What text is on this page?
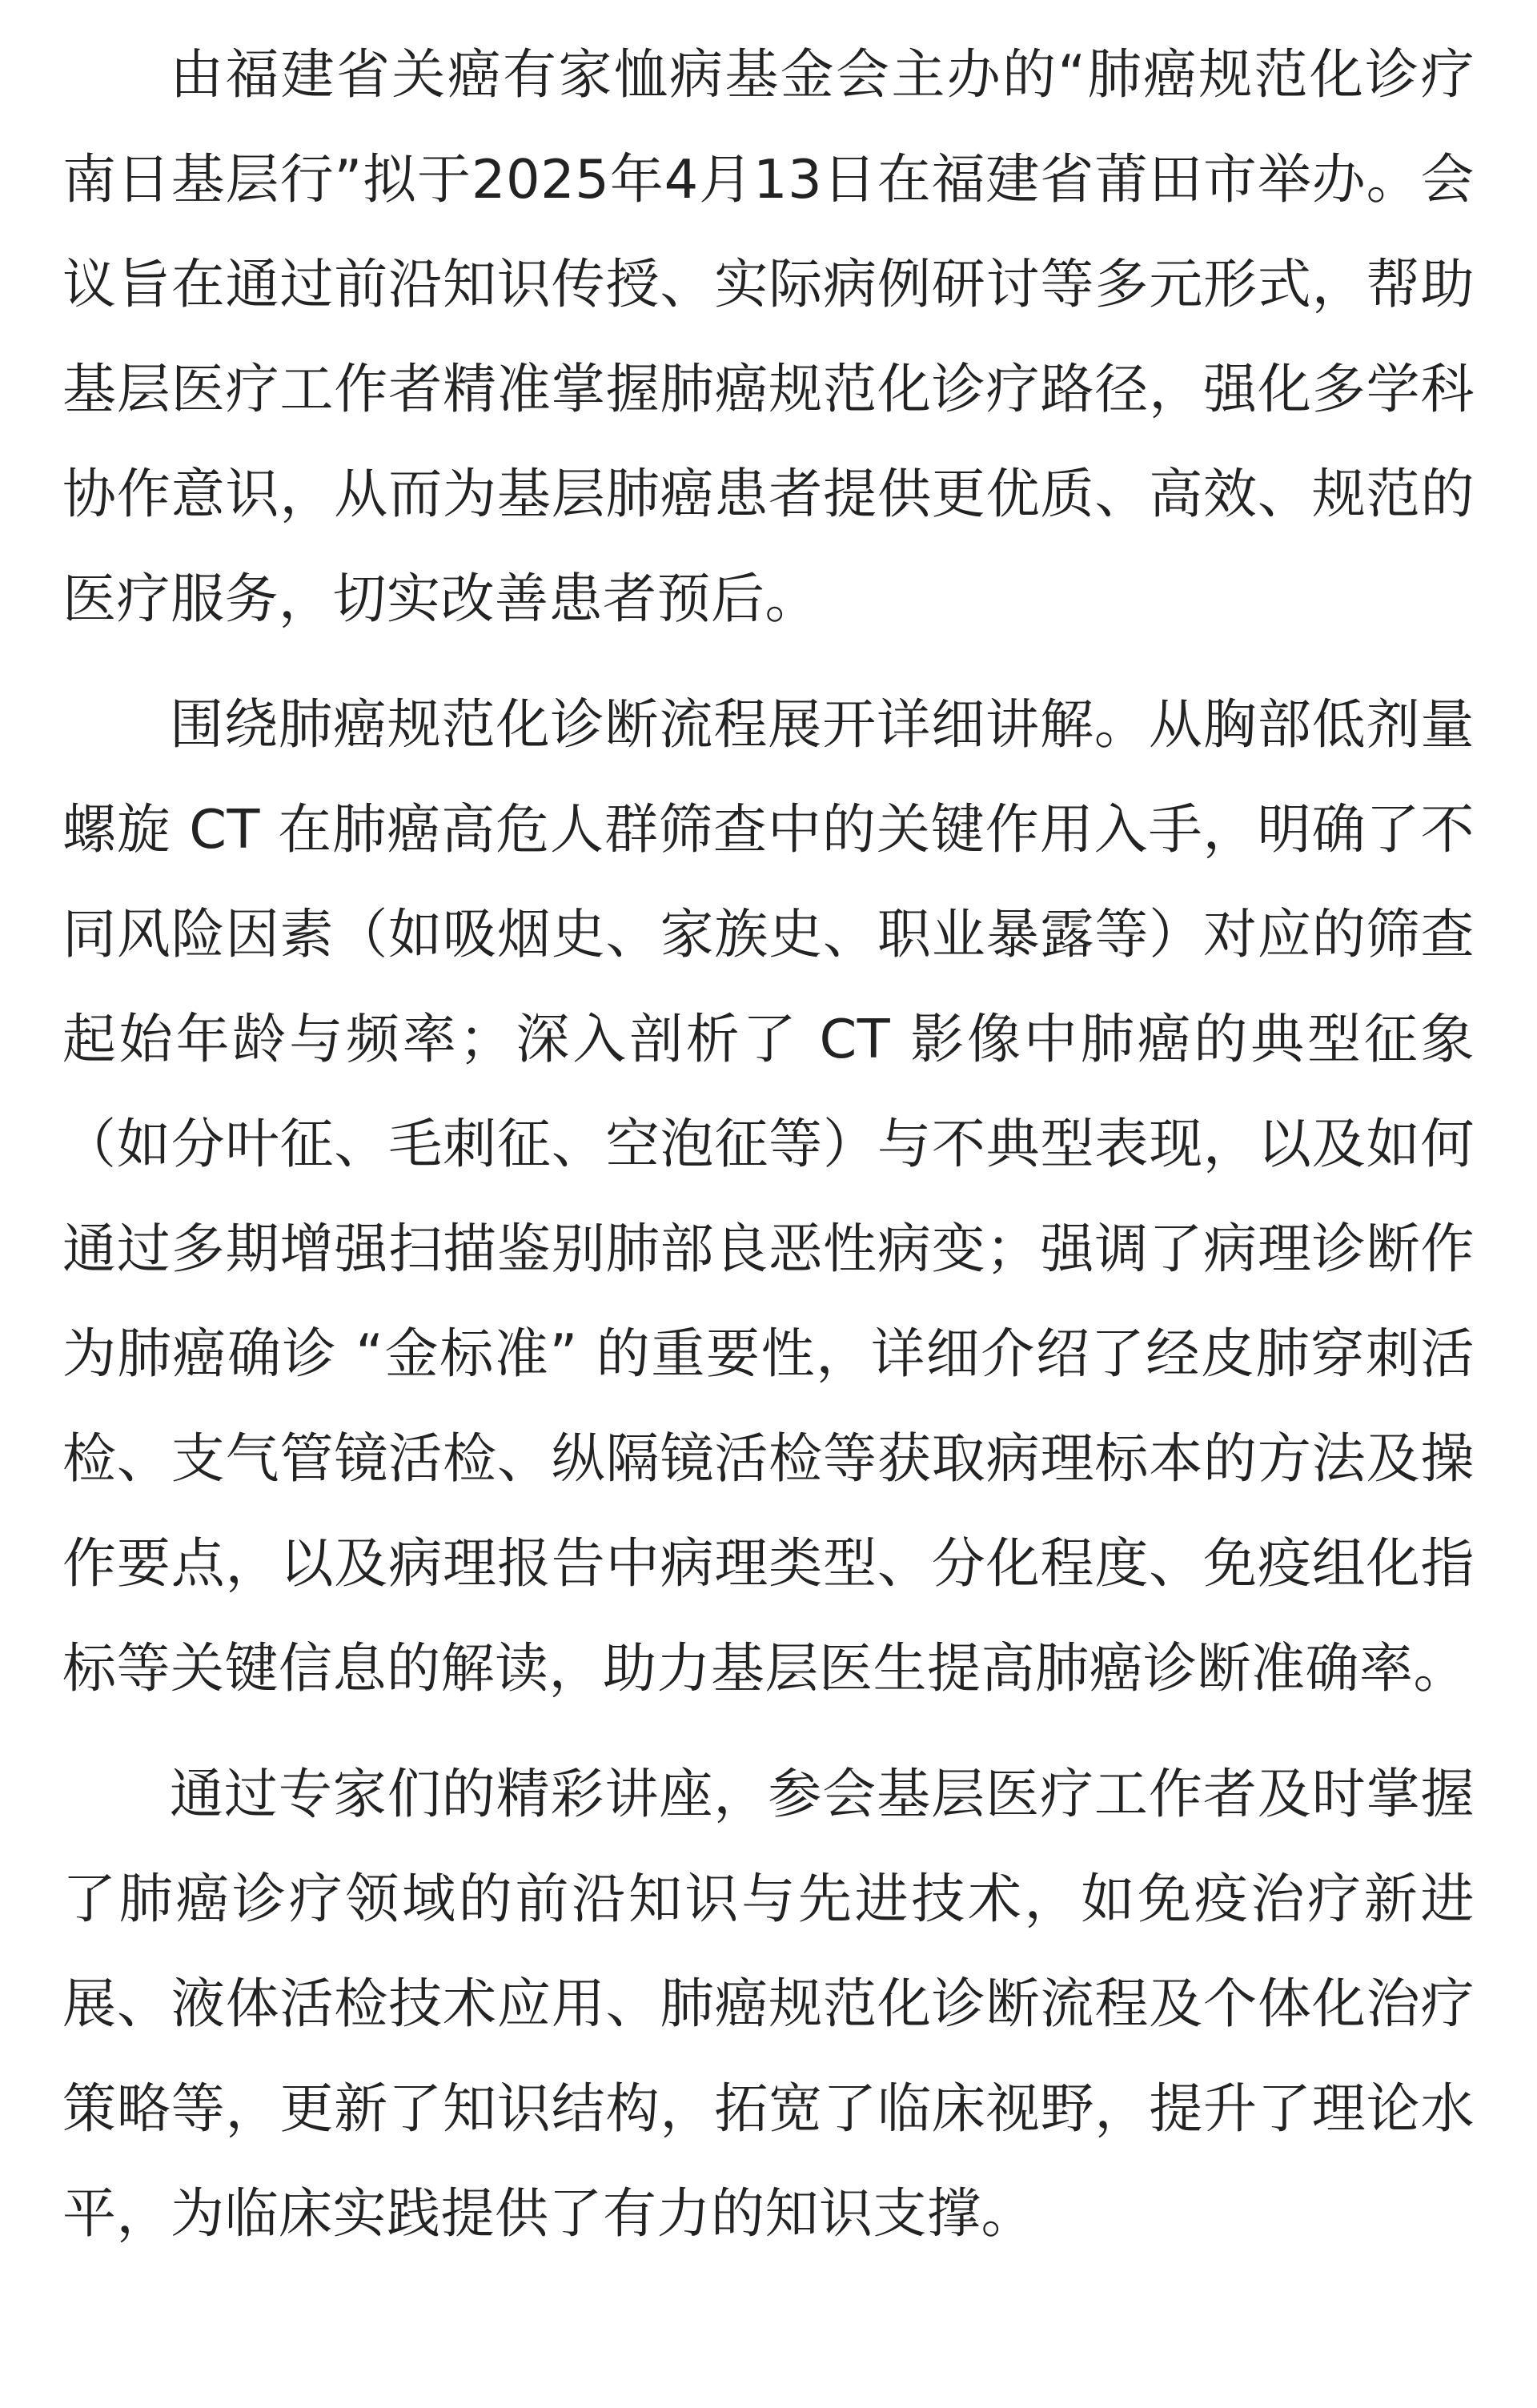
由福建省关癌有家恤病基金会主办的“肺癌规范化诊疗南日基层行”拟于2025年4月13日在福建省莆田市举办。会议旨在通过前沿知识传授、实际病例研讨等多元形式，帮助基层医疗工作者精准掌握肺癌规范化诊疗路径，强化多学科协作意识，从而为基层肺癌患者提供更优质、高效、规范的医疗服务，切实改善患者预后。

围绕肺癌规范化诊断流程展开详细讲解。从胸部低剂量螺旋 CT 在肺癌高危人群筛查中的关键作用入手，明确了不同风险因素（如吸烟史、家族史、职业暴露等）对应的筛查起始年龄与频率；深入剖析了 CT 影像中肺癌的典型征象（如分叶征、毛刺征、空泡征等）与不典型表现，以及如何通过多期增强扫描鉴别肺部良恶性病变；强调了病理诊断作为肺癌确诊 “金标准” 的重要性，详细介绍了经皮肺穿刺活检、支气管镜活检、纵隔镜活检等获取病理标本的方法及操作要点，以及病理报告中病理类型、分化程度、免疫组化指标等关键信息的解读，助力基层医生提高肺癌诊断准确率。

通过专家们的精彩讲座，参会基层医疗工作者及时掌握了肺癌诊疗领域的前沿知识与先进技术，如免疫治疗新进展、液体活检技术应用、肺癌规范化诊断流程及个体化治疗策略等，更新了知识结构，拓宽了临床视野，提升了理论水平，为临床实践提供了有力的知识支撑。
